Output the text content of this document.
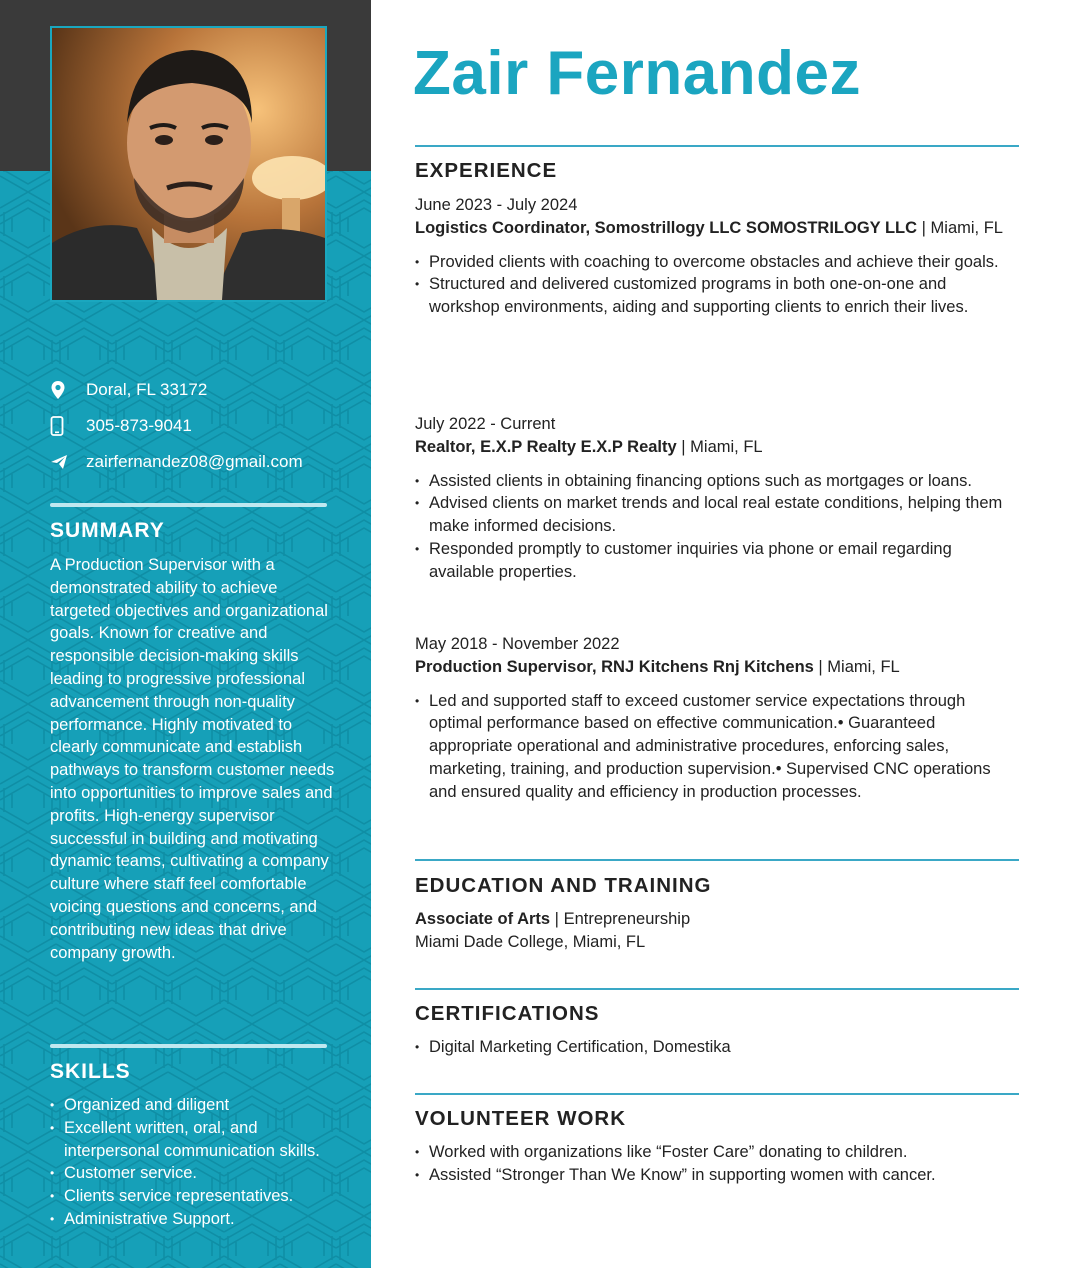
Doral, FL 33172
305-873-9041
zairfernandez08@gmail.com
SUMMARY

A Production Supervisor with a demonstrated ability to achieve targeted objectives and organizational goals. Known for creative and responsible decision-making skills leading to progressive professional advancement through non-quality performance. Highly motivated to clearly communicate and establish pathways to transform customer needs into opportunities to improve sales and profits. High-energy supervisor successful in building and motivating dynamic teams, cultivating a company culture where staff feel comfortable voicing questions and concerns, and contributing new ideas that drive company growth.

SKILLS
• Organized and diligent
• Excellent written, oral, and interpersonal communication skills.
• Customer service.
• Clients service representatives.
• Administrative Support.
Zair Fernandez
EXPERIENCE
June 2023 - July 2024
Logistics Coordinator, Somostrillogy LLC SOMOSTRILOGY LLC | Miami, FL
• Provided clients with coaching to overcome obstacles and achieve their goals.
• Structured and delivered customized programs in both one-on-one and workshop environments, aiding and supporting clients to enrich their lives.
July 2022 - Current
Realtor, E.X.P Realty E.X.P Realty | Miami, FL
• Assisted clients in obtaining financing options such as mortgages or loans.
• Advised clients on market trends and local real estate conditions, helping them make informed decisions.
• Responded promptly to customer inquiries via phone or email regarding available properties.
May 2018 - November 2022
Production Supervisor, RNJ Kitchens Rnj Kitchens | Miami, FL
• Led and supported staff to exceed customer service expectations through optimal performance based on effective communication.• Guaranteed appropriate operational and administrative procedures, enforcing sales, marketing, training, and production supervision.• Supervised CNC operations and ensured quality and efficiency in production processes.
EDUCATION AND TRAINING
Associate of Arts | Entrepreneurship
Miami Dade College, Miami, FL
CERTIFICATIONS
• Digital Marketing Certification, Domestika
VOLUNTEER WORK
• Worked with organizations like “Foster Care” donating to children.
• Assisted “Stronger Than We Know” in supporting women with cancer.
